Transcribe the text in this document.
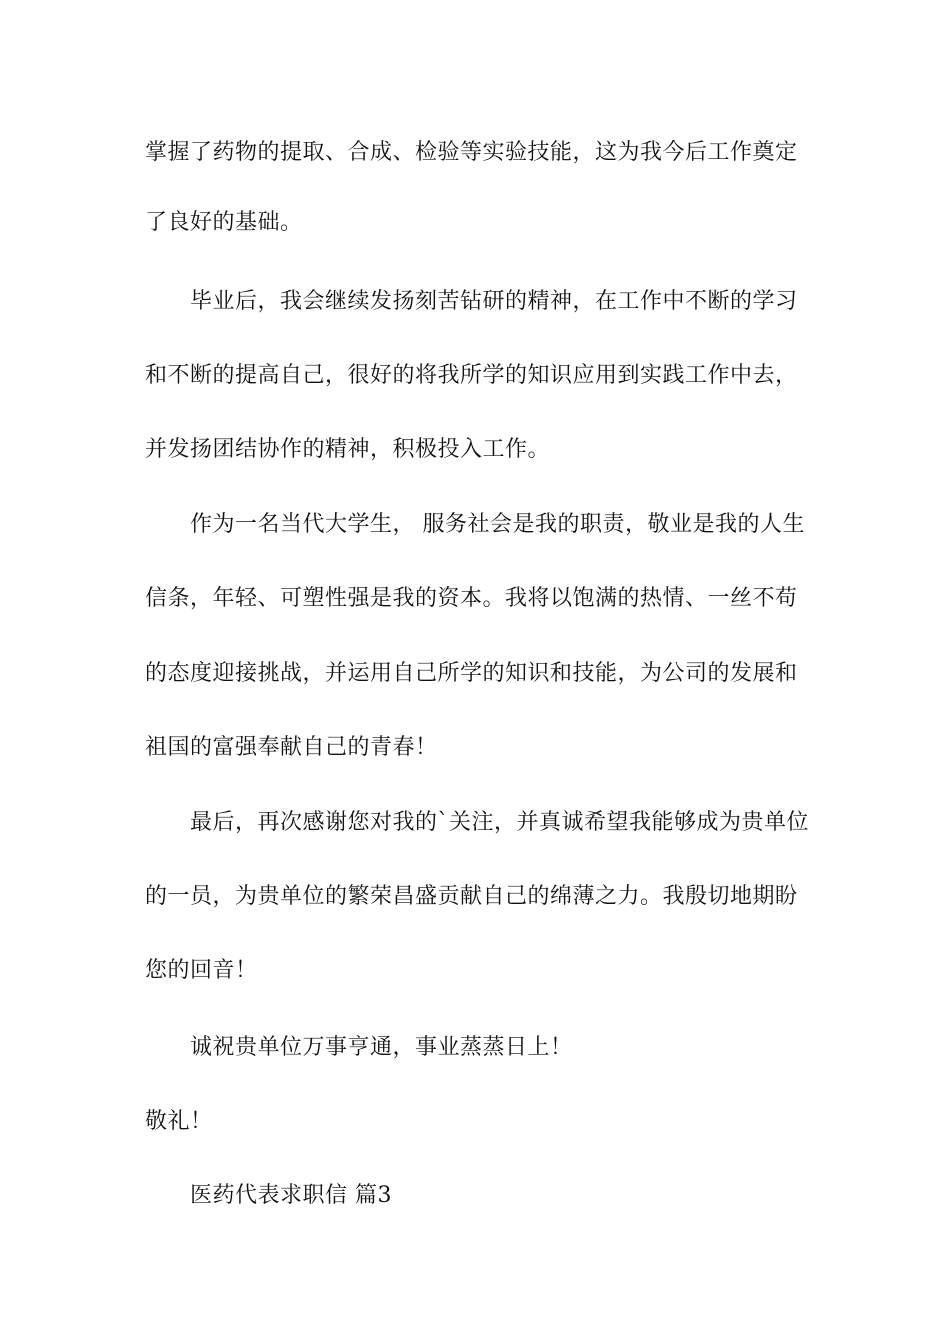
掌握了药物的提取、合成、检验等实验技能，这为我今后工作奠定
了良好的基础。
毕业后，我会继续发扬刻苦钻研的精神，在工作中不断的学习
和不断的提高自己，很好的将我所学的知识应用到实践工作中去，
并发扬团结协作的精神，积极投入工作。
作为一名当代大学生， 服务社会是我的职责，敬业是我的人生
信条，年轻、可塑性强是我的资本。我将以饱满的热情、一丝不苟
的态度迎接挑战，并运用自己所学的知识和技能，为公司的发展和
祖国的富强奉献自己的青春！
最后，再次感谢您对我的`关注，并真诚希望我能够成为贵单位
的一员，为贵单位的繁荣昌盛贡献自己的绵薄之力。我殷切地期盼
您的回音！
诚祝贵单位万事亨通，事业蒸蒸日上！
敬礼！
医药代表求职信 篇3
